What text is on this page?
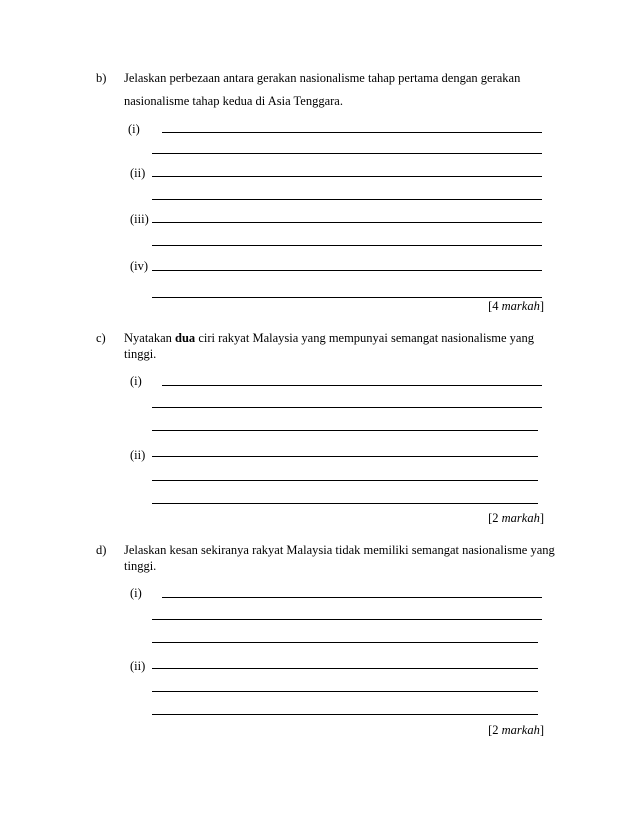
b) Jelaskan perbezaan antara gerakan nasionalisme tahap pertama dengan gerakan
nasionalisme tahap kedua di Asia Tenggara.
(i)
(ii)
(iii)
(iv)
[4 markah]
c) Nyatakan dua ciri rakyat Malaysia yang mempunyai semangat nasionalisme yang
tinggi.
(i)
(ii)
[2 markah]
d) Jelaskan kesan sekiranya rakyat Malaysia tidak memiliki semangat nasionalisme yang
tinggi.
(i)
(ii)
[2 markah]
